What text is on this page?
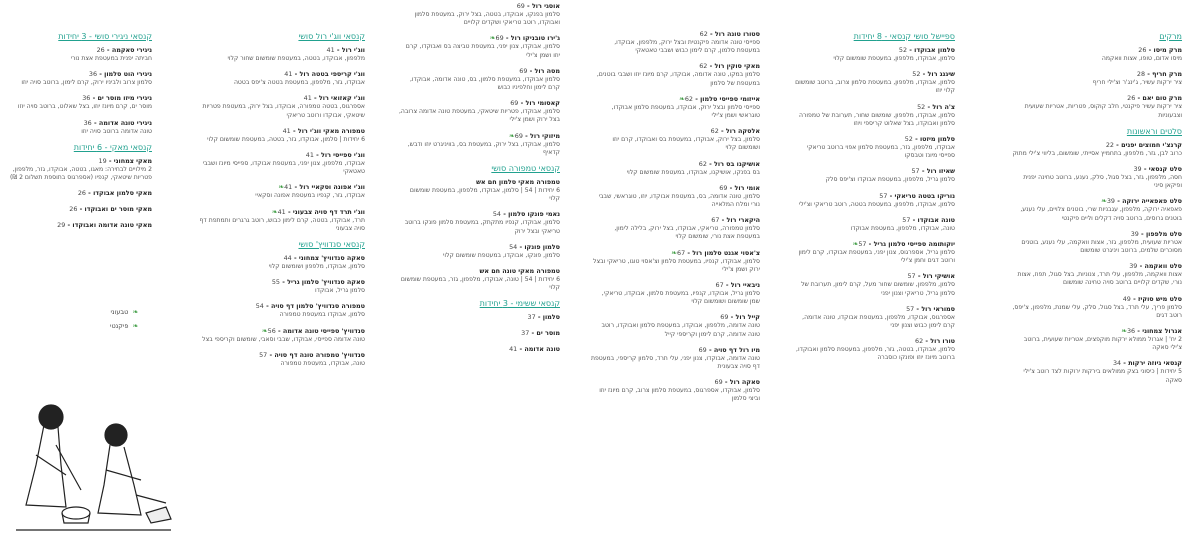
מרקים
מרק מיסו - 26
מיסו אדום, טופו, אצות וואקמה
מרק חריף - 28
ציר ירקות עשיר, ג'ינג'ר וצ'ילי חריף
מרק טום יאם - 26
ציר ירקות עשיר פיקנטי, חלב קוקוס, פטריות, אטריות שעועית וצבעוניות
סלטים וראשונות
קרנצ'י חמוצים יפנים - 22
כרוב לבן, גזר, מלפפון, בתחמיץ אסייתי, שומשום, בליווי צ'ילי מתוק
סלט קנסאי - 39
חסה, מלפפון, גזר, בצל סגול, סלק, נענע, ברוטב טחינה יפנית ופיקאן סיני
סלט פאפאייה ירוקה - 39❧
פאפאיה ירוקה, מלפפון, עגבניות שרי, בוטנים צלויים, עלי נענע, בוטנים גרוסים, ברוטב סויה דקלים וליים פיקנטי
סלט מלפפון - 39
אטריות שעועית, מלפפון, גזר, אצות וואקמה, עלי נענע, בוטנים מסוכרים שלמים, ברוטב ויניגרט שומשום
סלט וואקמה - 39
אצות וואקמה, מלפפון, עלי תרד, צנוניות, בצל סגול, תפוז, אצות נורי, שקדים קלויים ברוטב סויה טחינה שומשום
סלט מיש סוקיז - 49
סלמון פריך, עלי תרד, בצל סגול, סלק, עלי שמנת, מלפפון, צ'יפס, רוטב דגים
אגרול צמחוני - 36❧
2 יח' | אגרול ממולא ירקות מוקפצים, אטריות שעועית, ברוטב צ'ילי סאקה
קנסאי גיוזה ירקות - 34
5 יחידות | כיסוני בצק ממולאים בירקות ירוקות לצד רוטב צ'ילי סאקה
ספיישל סושי קנסאי - 8 יחידות
סלמון אבוקדו - 52
סלמון, אבוקדו, מלפפון, במעטפת שומשום קלוי
שיגנג רול - 52
סלמון, אבוקדו, מלפפון, במעטפת סלמון צרוב, ברוטב שומשום קלוי יוזו
צ'ה רול - 52
סלמון, אבוקדו, מלפפון, שומשום שחור, תערובת של טמפורה סלמון ואבוקדו, בצל שאלוט קריספי ויוזו
סלמון מיזטו - 52
אבוקדו, מלפפון, גזר, במעטפת סלמון אפוי ברוטב טריאקי ספייסי מיונז וטבסקו
שאיזו רול - 57
סלמון גריל, מלפפון, במעטפת אבוקדו וצ'יפס סלק
נוריקו בטטה טריאקי - 57
סלמון, אבוקדו, מלפפון, במעטפת בטטה, רוטב טריאקי וצ'ילי
טונה אבוקדו - 57
טונה, אבוקדו, מלפפון, במעטפת אבוקדו
יוקותומה ספייסי סלמון גריל - 57❧
סלמון גריל, אספרגוס, צנון יפני, במעטפת אבוקדו, קרם לימון ורוטב דגים וחמן צ'ילי
אושיקי רול - 57
סלמון, מלפפון, שומשום שחור מעל, קרם לימון, תערובת של סלמון גריל, טריאקי וצנון יפני
סמוראי רול - 57
אספרגוס, אבוקדו, מלפפון, במעטפת אבוקדו, טונה אדומה, קרם לימון כבוש וצנון יפני
טורו רול - 62
סלמון, אבוקדו, בטטה, גזר, מלפפון, במעטפת סלמון ואבוקדו, ברוטב מיונז יוזו ופונקו כוסברה
סטורו טונה רול - 62
ספייסי טונה אדומה פיקנטית ובצל ירוק, מלפפון, אבוקדו, במעטפת סלמון, קרם לימון כבוש ושבבי טאטאקי
מאקי סוקין רול - 62
סלמון במקו, טונה אדומה, אבוקדו, קרם מיונז יוזו ושבבי בוטנים, במעטפת של סלמון
אייזומי ספייסי סלמון - 62❧
ספייסי סלמון ובצל ירוק, אבוקדו, במעטפת סלמון אבוקדו, טוגראשי ושמן צ'ילי
אלסקה רול - 62
סלמון, בצל ירוק, אבוקדו, במעטפת בס ואבוקדו, קרם יוזו ושומשום קלוי
אושיקנו בס רול - 62
בס בפנקו, אושיקנו, אבוקדו, במעטפת שומשום קלוי
אומי רול - 69
סלמון, טונה אדומה, בס, במעטפת אבוקדו, יוזו, טוגראשי, שבבי נורי ומלח המלאייה
היקארי רול - 67
סלמון טמפורה, טריאקי, אבוקדו, בצל ירוק, בלילה לימון, במעטפת אצת נורי, שומשום קלוי
צ'אסוי אגנט סלמון רול - 67❧
סלמון, אבוקדו, קנפיו, במעטפת סלמון וצ'אסוי טוגו, טריאקי ובצל ירוק ושמן צ'ילי
ניבאיי רול - 67
סלמון גריל, אבוקדו, קנפיו, במעטפת סלמון, אבוקדו, טריאקי, שמן שומשום ושומשום קלוי
קייל רול - 69
טונה אדומה, מלפפון, אבוקדו, במעטפת סלמון ואבוקדו, רוטב טונה אדומה, קרם לימון וקריספי קייל
מיו רול דף סויה - 69
טונה אדומה, אבוקדו, צנון יפני, עלי תרד, סלמון קריספי, במעטפת דף סויה צבעונית
סאקה רול - 69
סלמון, אבוקדו, אספרגוס, במעטפת סלמון צרוב, קרם מיונז יוזו וביצי סלמון
אוסגי רול - 69
סלמון בפנקו, אבוקדו, בטטה, בצל ירוק, במעטפת סלמון ואבוקדו, רוטב טריאקי ושקדים קלויים
ג'ירו טובניקו רול - 69❧
סלמון, אבוקדו, צנון יפני, במעטפת טביצה בס ואבוקדו, קרם יוזו ושמן צ'ילי
מסה רול - 69
סלמון אבוקדו, במעטפת סלמון, בס, טונה אדומה, אבוקדו, קרם לימון וחלפיניו כבוש
קאסומי רול - 69
סלמון, אבוקדו, פטריות שיטאקי, במעטפת טונה אדומה צרובה, בצל ירוק ושמן צ'ילי
מיזוקי רול - 69❧
סלמון, אבוקדו, בצל ירוק, במעטפת בס, בוויניגרט יוזו ודבש, קדאיף
קנסאי טמפורה סושי
טמפורה מאקי סלמון חם אש
6 יחידות | 54 | סלמון, אבוקדו, מלפפון, במעטפת שומשום קלוי
נאמי פונקו סלמון - 54
סלמון, אבוקדו, קנפיו מתקתק, במעטפת סלמון פונקו ברוטב טריאקי ובצל ירוק
סלמון פונקו - 54
סלמון, פונקו, אבוקדו, במעטפת שומשום קלוי
טמפורה מאקי טונה חם אש
6 יחידות | 54 | טונה, אבוקדו, מלפפון, גזר, במעטפת שומשום קלוי
קנסאי ששימי - 3 יחידות
סלמון - 37
מוסר ים - 37
טונה אדומה - 41
קנסאי ווג'י רול סושי
ווג'י רול - 41
מלפפון, אבוקדו, בטטה, במעטפת שומשום שחור קלוי
ווג'י קריספי בטטה רול - 41
אבוקדו, גזר, מלפפון, במעטפת בטטה צ'יפס בטטה
ווג'י קאזואי רול - 41
אספרגוס, בטטה טמפורה, אבוקדו, בצל ירוק, במעטפת פטריות שיטאקי, אבוקדו ורוטב טריאקי
טמפורה מאקי ווג'י רול - 41
6 יחידות | סלמון, אבוקדו, גזר, בטטה, במעטפת שומשום קלוי
ווג'י ספייסי רול - 41
אבוקדו, מלפפון, צנון יפני, במעטפת אבוקדו, ספייסי מיונז ושבבי טאטאקי
ווג'י אפונה וסקאיי רול - 41❧
אבוקדו, גזר, קנפיו במעטפת אפונה וסקאיי
ווג'י תרד דף סויה צבעוני - 41❧
תרד, אבוקדו, בטטה, קרם לימון כבוש, רוטב גרגרים ותמתפת דף סויה צבעוני
קנסאי סנדוויץ' סושי
סאקה סנדוויץ' צמחוני - 44
סלמון, אבוקדו, מלפפון ושומשום קלוי
סאקה סנדוויץ' סלמון גריל - 55
סלמון גריל, אבוקדו
טמפורה סנדוויץ' סלמון דף סויה - 54
סלמון, אבוקדו במעטפת טמפורה
סנדוויץ' ספייסי טונה אדומה - 56❧
טונה אדומה ספייסי, אבוקדו, שבבי וסאבי, שומשום וקריספי בצל
סנדוויץ' טמפורה טונה דף סויה - 57
טונה, אבוקדו, במעטפת טמפורה
קנסאי ניגירי סושי - 3 יחידות
ניגירי סאקמה - 26
חביתה יפנית במעטפת אצת נורי
ניגירי הוט סלמון - 36
סלמון צרוב ולביניו ירוק, קרם לימון, ברוטב סויה יוזו
ניגירי מיזו מוסר ים - 36
מוסר ים, קרם מיונז יוזו, בצל שאלוט, ברוטב סויה יוזו
ניגירי טונה אדומה - 36
טונה אדומה ברוטב סויה יוזו
קנסאי מאקי - 6 יחידות
מאקי צמחוני - 19
2 מילויים לבחירה: מאגו, בטטה, אבוקדו, גזר, מלפפון, פטריות שיטאקי, קנפיו (אספרגוס בתוספת תשלום 2 ₪)
מאקי סלמון אבוקדו - 26
מאקי מוסר ים ואבוקדו - 26
מאקי טונה אדומה ואבוקדו - 29
❧ טבעוני
❧ פיקנטי
